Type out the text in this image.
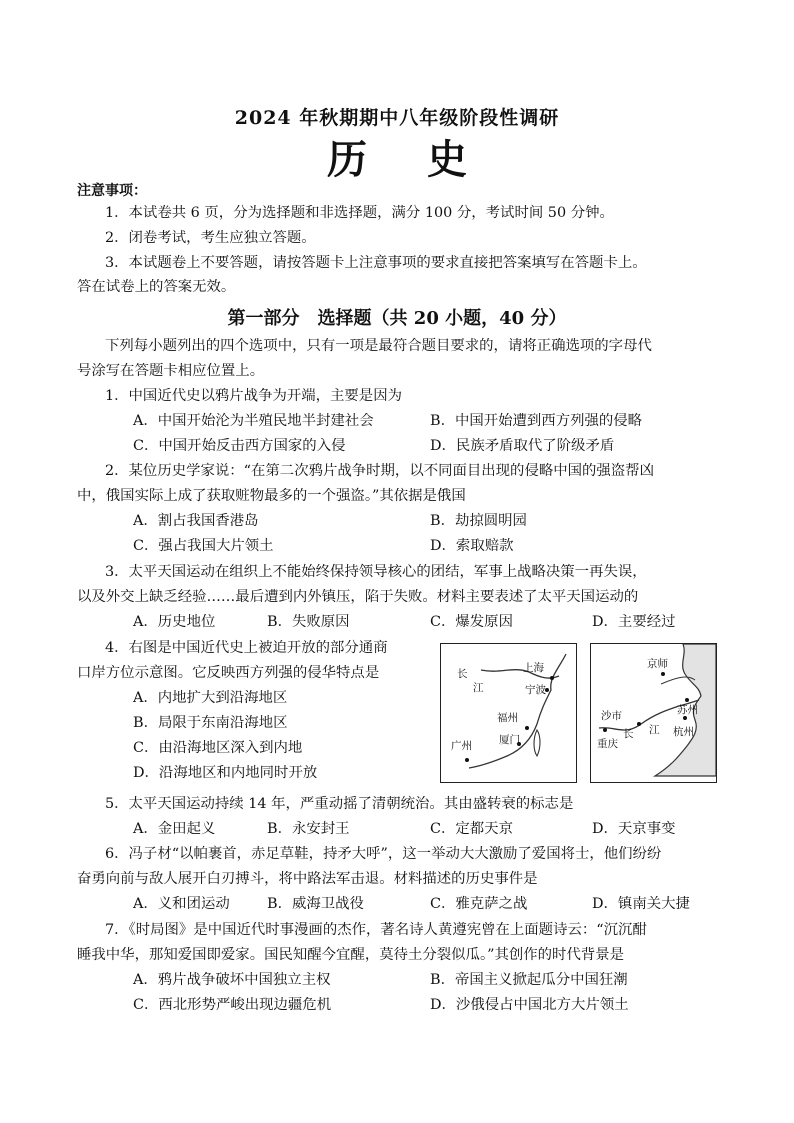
2024 年秋期期中八年级阶段性调研
历史
注意事项：
1．本试卷共 6 页，分为选择题和非选择题，满分 100 分，考试时间 50 分钟。
2．闭卷考试，考生应独立答题。
3．本试题卷上不要答题，请按答题卡上注意事项的要求直接把答案填写在答题卡上。
答在试卷上的答案无效。
第一部分　选择题（共 20 小题，40 分）
下列每小题列出的四个选项中，只有一项是最符合题目要求的，请将正确选项的字母代
号涂写在答题卡相应位置上。
1．中国近代史以鸦片战争为开端，主要是因为
A．中国开始沦为半殖民地半封建社会	B．中国开始遭到西方列强的侵略
C．中国开始反击西方国家的入侵	D．民族矛盾取代了阶级矛盾
2．某位历史学家说：“在第二次鸦片战争时期，以不同面目出现的侵略中国的强盗帮凶
中，俄国实际上成了获取赃物最多的一个强盗。”其依据是俄国
A．割占我国香港岛	B．劫掠圆明园
C．强占我国大片领土	D．索取赔款
3．太平天国运动在组织上不能始终保持领导核心的团结，军事上战略决策一再失误，
以及外交上缺乏经验……最后遭到内外镇压，陷于失败。材料主要表述了太平天国运动的
A．历史地位	B．失败原因	C．爆发原因	D．主要经过
4．右图是中国近代史上被迫开放的部分通商
口岸方位示意图。它反映西方列强的侵华特点是
A．内地扩大到沿海地区
B．局限于东南沿海地区
C．由沿海地区深入到内地
D．沿海地区和内地同时开放
长
江
上海
宁波
福州
厦门
广州
京师
苏州
沙市
长 江 杭州
重庆
5．太平天国运动持续 14 年，严重动摇了清朝统治。其由盛转衰的标志是
A．金田起义	B．永安封王	C．定都天京	D．天京事变
6．冯子材“以帕裹首，赤足草鞋，持矛大呼”，这一举动大大激励了爱国将士，他们纷纷
奋勇向前与敌人展开白刃搏斗，将中路法军击退。材料描述的历史事件是
A．义和团运动	B．威海卫战役	C．雅克萨之战	D．镇南关大捷
7．《时局图》是中国近代时事漫画的杰作，著名诗人黄遵宪曾在上面题诗云：“沉沉酣
睡我中华，那知爱国即爱家。国民知醒今宜醒，莫待土分裂似瓜。”其创作的时代背景是
A．鸦片战争破坏中国独立主权	B．帝国主义掀起瓜分中国狂潮
C．西北形势严峻出现边疆危机	D．沙俄侵占中国北方大片领土
